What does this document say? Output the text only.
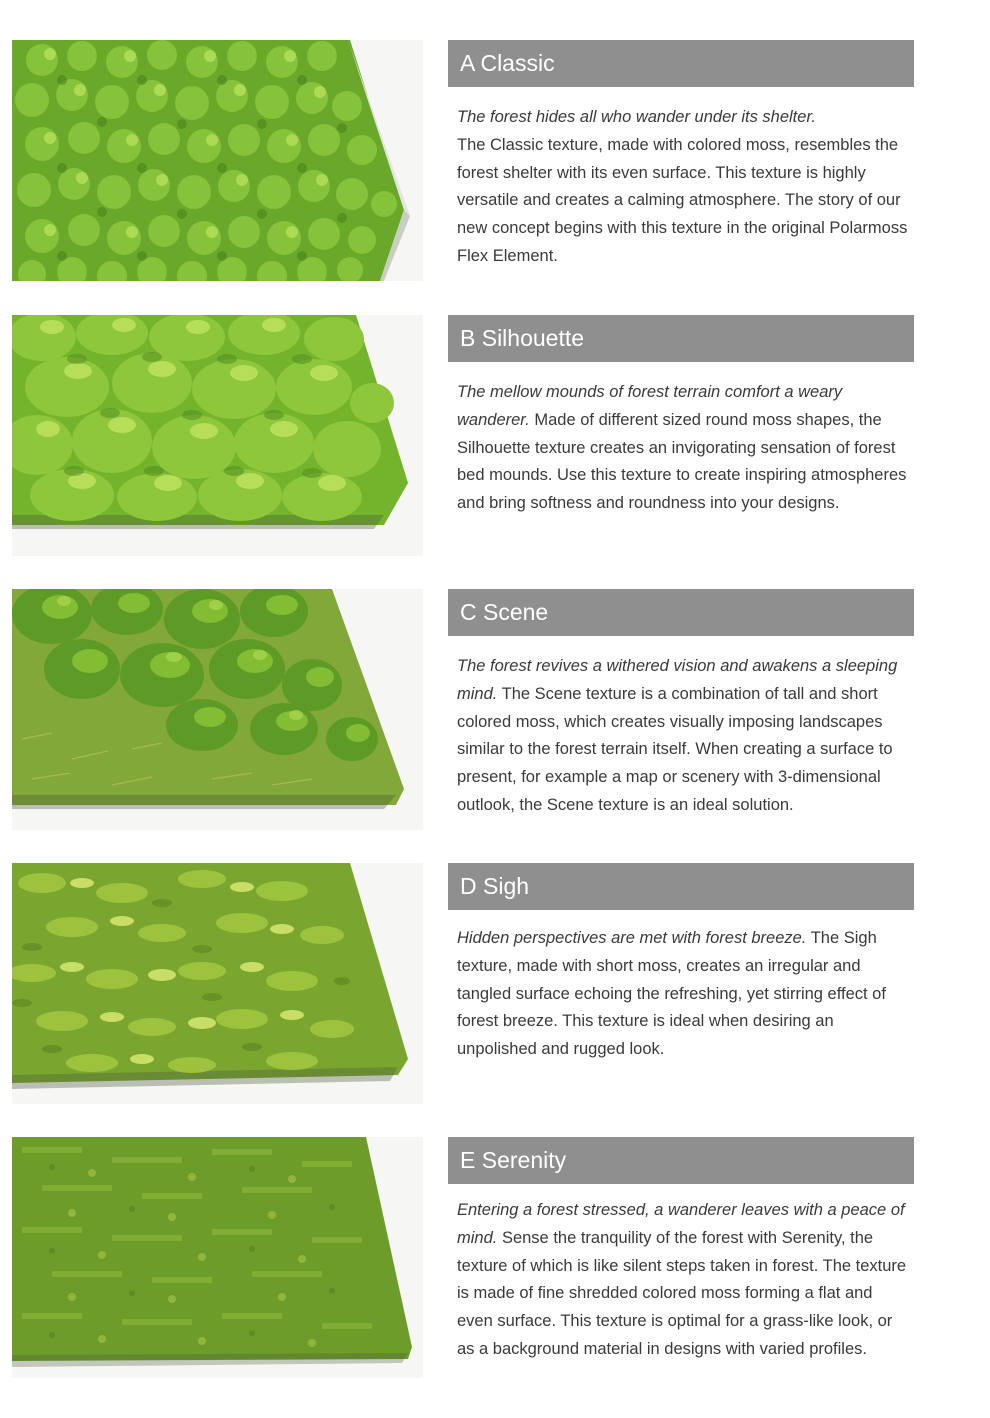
A Classic

The forest hides all who wander under its shelter.
The Classic texture, made with colored moss, resembles the forest shelter with its even surface. This texture is highly versatile and creates a calming atmosphere. The story of our new concept begins with this texture in the original Polarmoss Flex Element.

B Silhouette

The mellow mounds of forest terrain comfort a weary wanderer. Made of different sized round moss shapes, the Silhouette texture creates an invigorating sensation of forest bed mounds. Use this texture to create inspiring atmospheres and bring softness and roundness into your designs.

C Scene

The forest revives a withered vision and awakens a sleeping mind. The Scene texture is a combination of tall and short colored moss, which creates visually imposing landscapes similar to the forest terrain itself. When creating a surface to present, for example a map or scenery with 3-dimensional outlook, the Scene texture is an ideal solution.

D Sigh

Hidden perspectives are met with forest breeze. The Sigh texture, made with short moss, creates an irregular and tangled surface echoing the refreshing, yet stirring effect of forest breeze. This texture is ideal when desiring an unpolished and rugged look.

E Serenity

Entering a forest stressed, a wanderer leaves with a peace of mind. Sense the tranquility of the forest with Serenity, the texture of which is like silent steps taken in forest. The texture is made of fine shredded colored moss forming a flat and even surface. This texture is optimal for a grass-like look, or as a background material in designs with varied profiles.
